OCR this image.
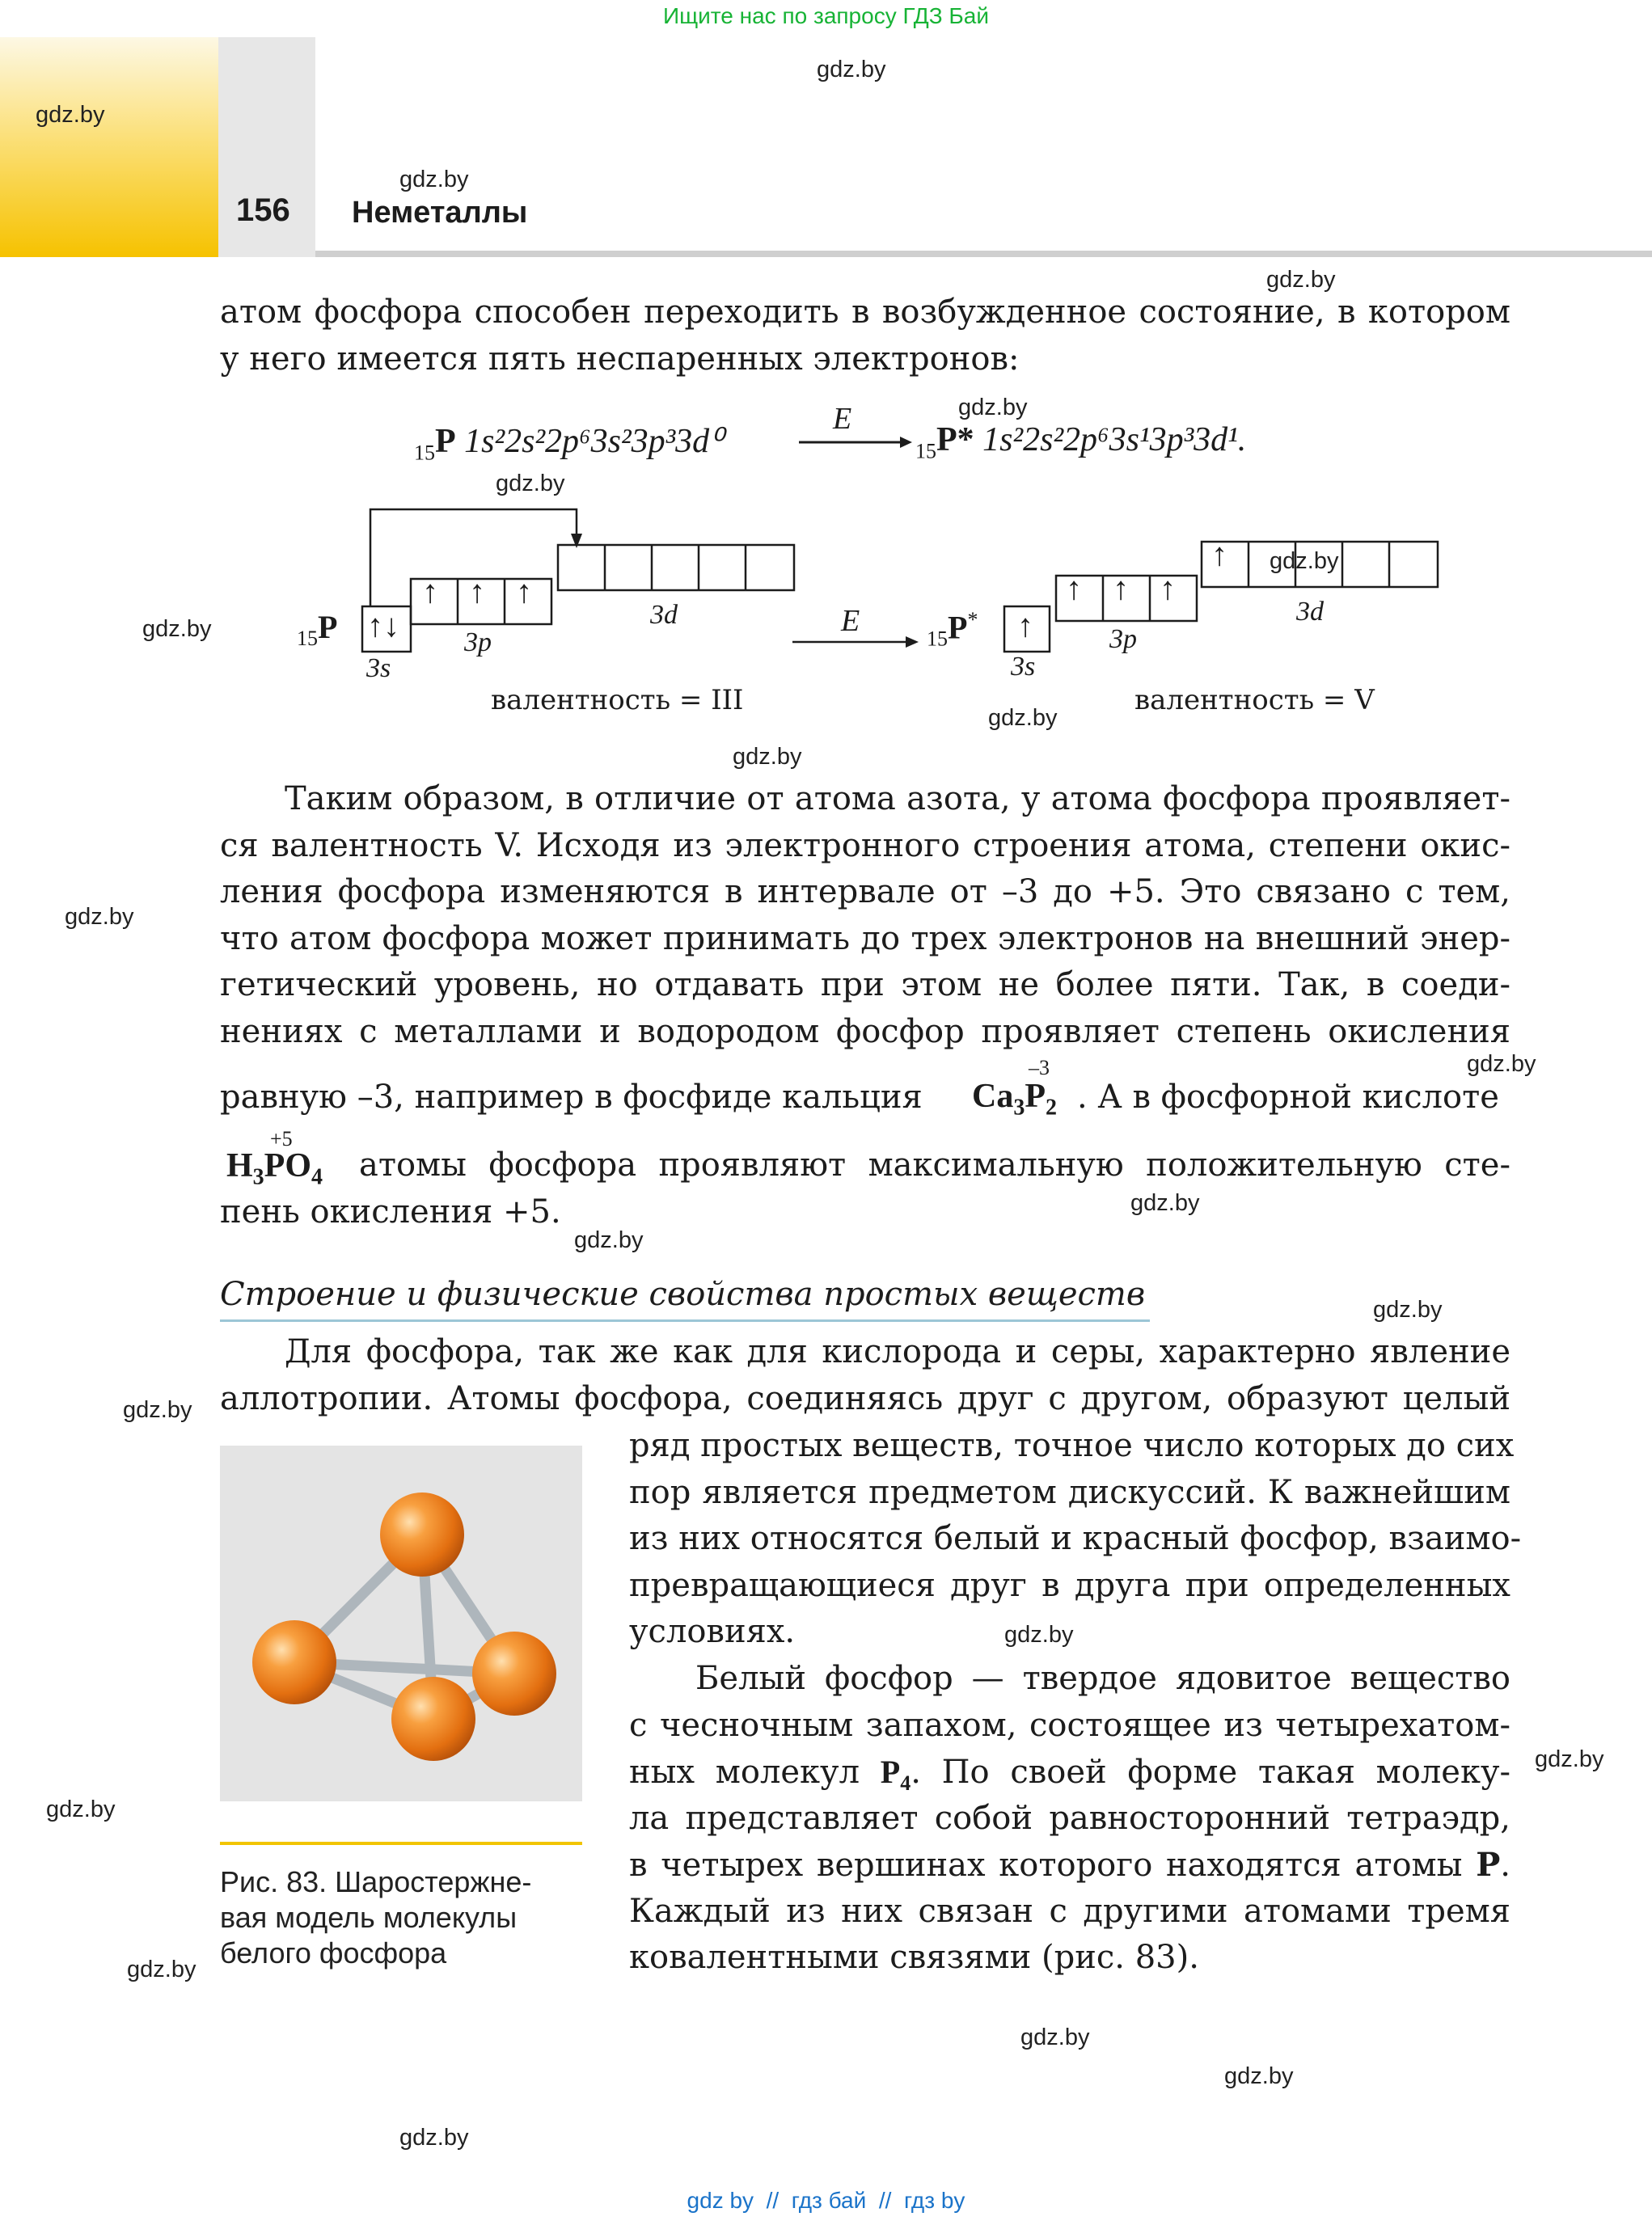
Ищите нас по запросу ГДЗ Бай
156 Неметаллы
gdz.by
gdz.by
gdz.by
gdz.by
gdz.by
gdz.by
gdz.by
gdz.by
gdz.by
gdz.by
gdz.by
gdz.by
gdz.by
gdz.by
gdz.by
gdz.by
gdz.by
gdz.by
gdz.by
gdz.by
gdz.by
gdz.by
gdz.by
атом фосфора способен переходить в возбужденное состояние, в котором
у него имеется пять неспаренных электронов:
$_{15}$P 1s²2s²2p⁶3s²3p³3d⁰
E
$_{15}$P* 1s²2s²2p⁶3s¹3p³3d¹.
$_{15}$P ↑↓
↑ ↑ ↑
3s
3p
3d	E
$_{15}$P* ↑
↑ ↑ ↑
↑
3s
3p
3d
валентность = III	валентность = V
Таким образом, в отличие от атома азота, у атома фосфора проявляет-
ся валентность V. Исходя из электронного строения атома, степени окис-
ления фосфора изменяются в интервале от –3 до +5. Это связано с тем,
что атом фосфора может принимать до трех электронов на внешний энер-
гетический уровень, но отдавать при этом не более пяти. Так, в соеди-
нениях с металлами и водородом фосфор проявляет степень окисления
равную –3, например в фосфиде кальция $Ca_3P_2$
–3
. А в фосфорной кислоте
$H_3PO_4$
+5
атомы фосфора проявляют максимальную положительную сте-
пень окисления +5.
Строение и физические свойства простых веществ
Для фосфора, так же как для кислорода и серы, характерно явление
аллотропии. Атомы фосфора, соединяясь друг с другом, образуют целый
ряд простых веществ, точное число которых до сих
пор является предметом дискуссий. К важнейшим
из них относятся белый и красный фосфор, взаимо-
превращающиеся друг в друга при определенных
условиях.
Белый фосфор — твердое ядовитое вещество
с чесночным запахом, состоящее из четырехатом-
ных молекул $P_4$. По своей форме такая молеку-
ла представляет собой равносторонний тетраэдр,
в четырех вершинах которого находятся атомы P.
Каждый из них связан с другими атомами тремя
ковалентными связями (рис. 83).
Рис. 83. Шаростержне-
вая модель молекулы
белого фосфора
gdz by // гдз бай // гдз by
